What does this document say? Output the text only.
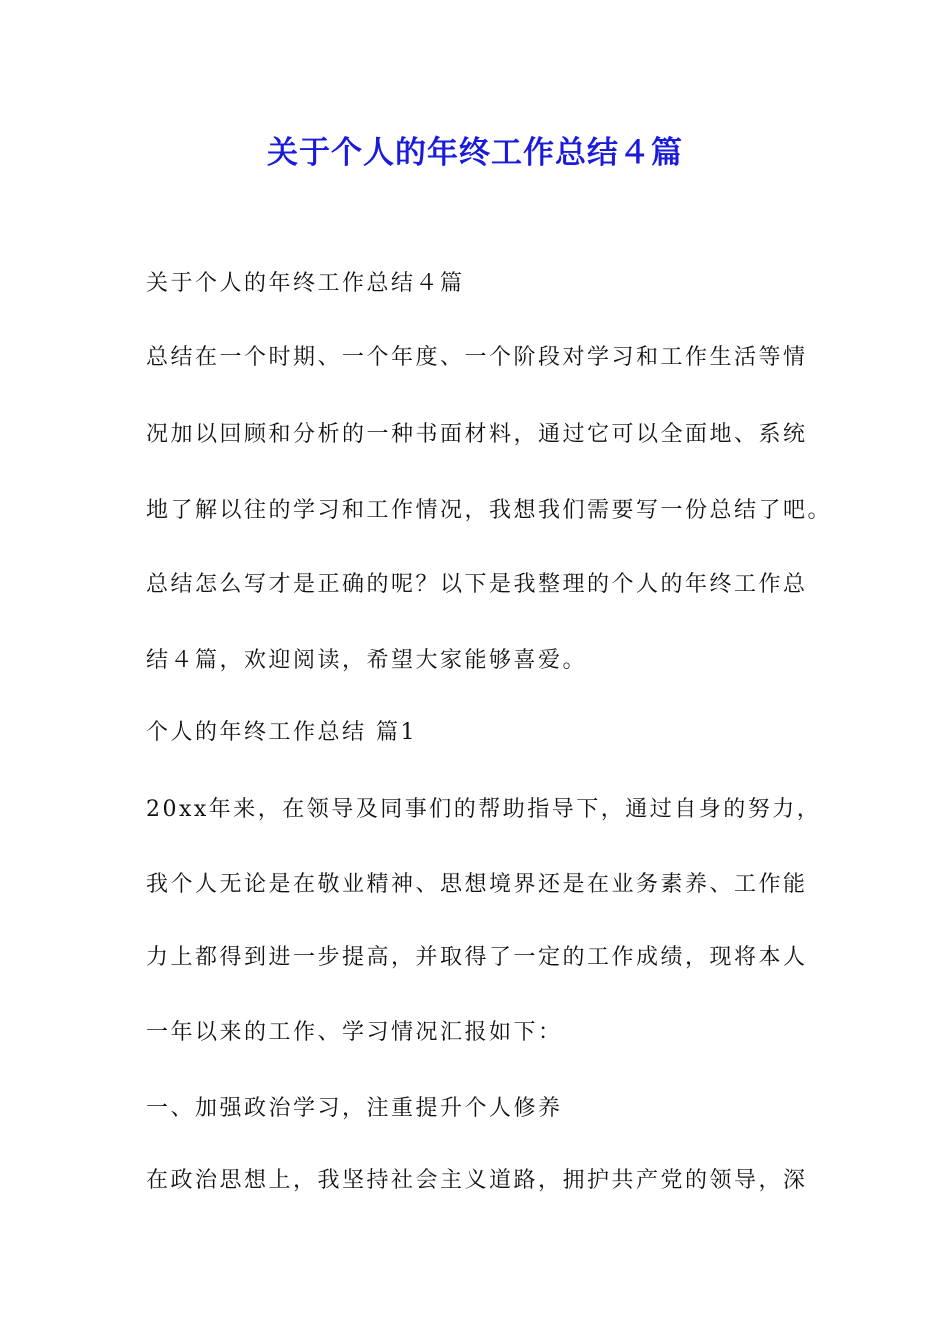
关于个人的年终工作总结４篇

关于个人的年终工作总结４篇

总结在一个时期、一个年度、一个阶段对学习和工作生活等情

况加以回顾和分析的一种书面材料，通过它可以全面地、系统

地了解以往的学习和工作情况，我想我们需要写一份总结了吧。

总结怎么写才是正确的呢？以下是我整理的个人的年终工作总

结４篇，欢迎阅读，希望大家能够喜爱。

个人的年终工作总结 篇1

20xx年来，在领导及同事们的帮助指导下，通过自身的努力，

我个人无论是在敬业精神、思想境界还是在业务素养、工作能

力上都得到进一步提高，并取得了一定的工作成绩，现将本人

一年以来的工作、学习情况汇报如下：

一、加强政治学习，注重提升个人修养

在政治思想上，我坚持社会主义道路，拥护共产党的领导，深
